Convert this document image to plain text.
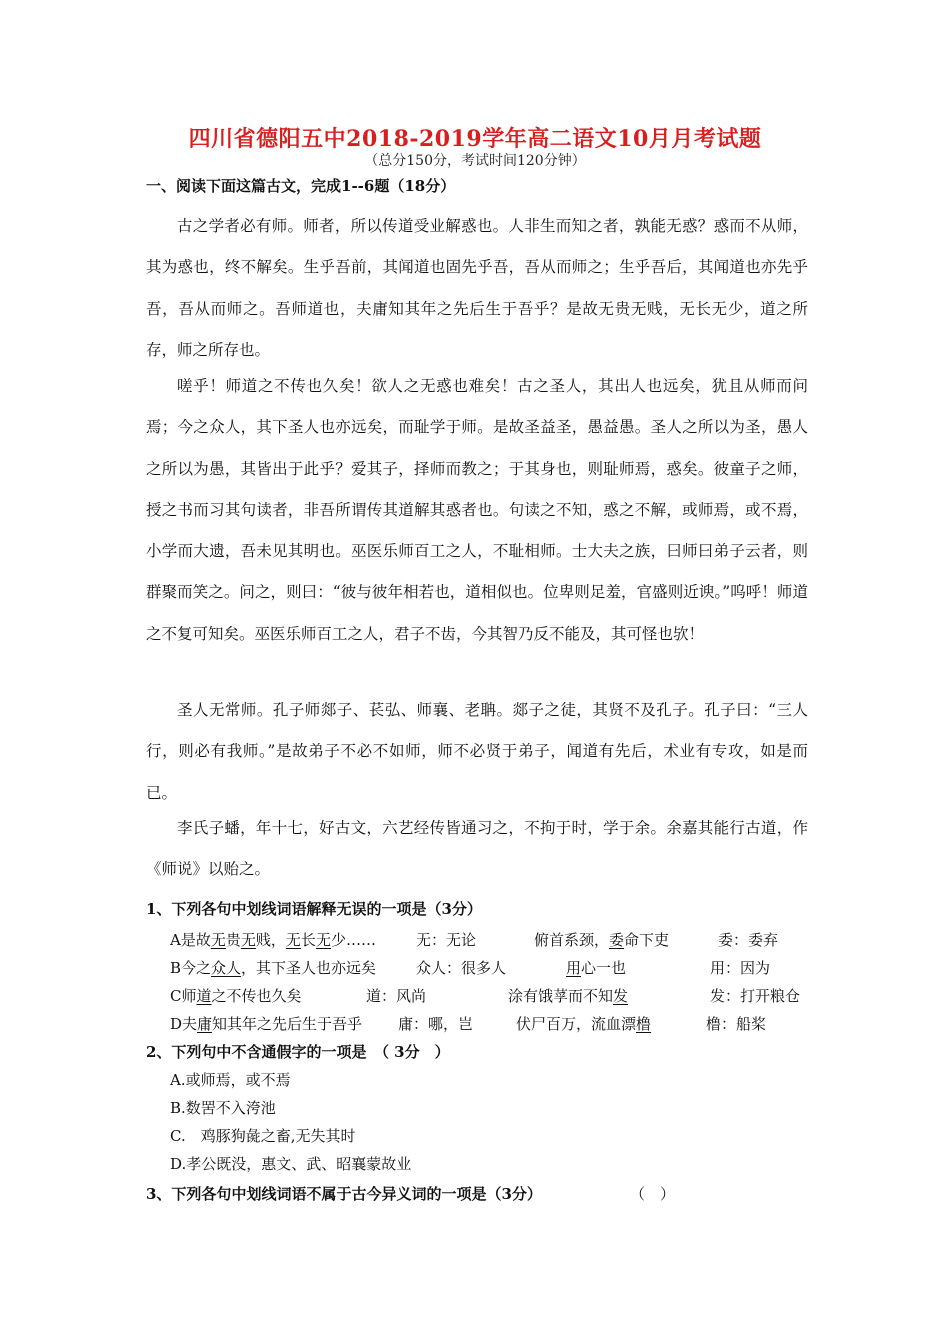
四川省德阳五中2018-2019学年高二语文10月月考试题
（总分150分，考试时间120分钟）
一、阅读下面这篇古文，完成1--6题（18分）

古之学者必有师。师者，所以传道受业解惑也。人非生而知之者，孰能无惑？惑而不从师，其为惑也，终不解矣。生乎吾前，其闻道也固先乎吾，吾从而师之；生乎吾后，其闻道也亦先乎吾，吾从而师之。吾师道也，夫庸知其年之先后生于吾乎？是故无贵无贱，无长无少，道之所存，师之所存也。

嗟乎！师道之不传也久矣！欲人之无惑也难矣！古之圣人，其出人也远矣，犹且从师而问焉；今之众人，其下圣人也亦远矣，而耻学于师。是故圣益圣，愚益愚。圣人之所以为圣，愚人之所以为愚，其皆出于此乎？爱其子，择师而教之；于其身也，则耻师焉，惑矣。彼童子之师，授之书而习其句读者，非吾所谓传其道解其惑者也。句读之不知，惑之不解，或师焉，或不焉，小学而大遗，吾未见其明也。巫医乐师百工之人，不耻相师。士大夫之族，曰师曰弟子云者，则群聚而笑之。问之，则曰：“彼与彼年相若也，道相似也。位卑则足羞，官盛则近谀。”呜呼！师道之不复可知矣。巫医乐师百工之人，君子不齿，今其智乃反不能及，其可怪也欤！

圣人无常师。孔子师郯子、苌弘、师襄、老聃。郯子之徒，其贤不及孔子。孔子曰：“三人行，则必有我师。”是故弟子不必不如师，师不必贤于弟子，闻道有先后，术业有专攻，如是而已。

李氏子蟠，年十七，好古文，六艺经传皆通习之，不拘于时，学于余。余嘉其能行古道，作《师说》以贻之。

1、下列各句中划线词语解释无误的一项是（3分）
A是故无贵无贱，无长无少……	无：无论	俯首系颈，委命下吏	委：委弃
B今之众人，其下圣人也亦远矣	众人：很多人	用心一也	用：因为
C师道之不传也久矣	道：风尚	涂有饿莩而不知发	发：打开粮仓
D夫庸知其年之先后生于吾乎 庸：哪，岂	伏尸百万，流血漂橹	橹：船桨
2、下列句中不含通假字的一项是　（ 3分　）
A.或师焉，或不焉
B.数罟不入洿池
C.　鸡豚狗彘之畜,无失其时
D.孝公既没，惠文、武、昭襄蒙故业
3、下列各句中划线词语不属于古今异义词的一项是（3分）	（　）
